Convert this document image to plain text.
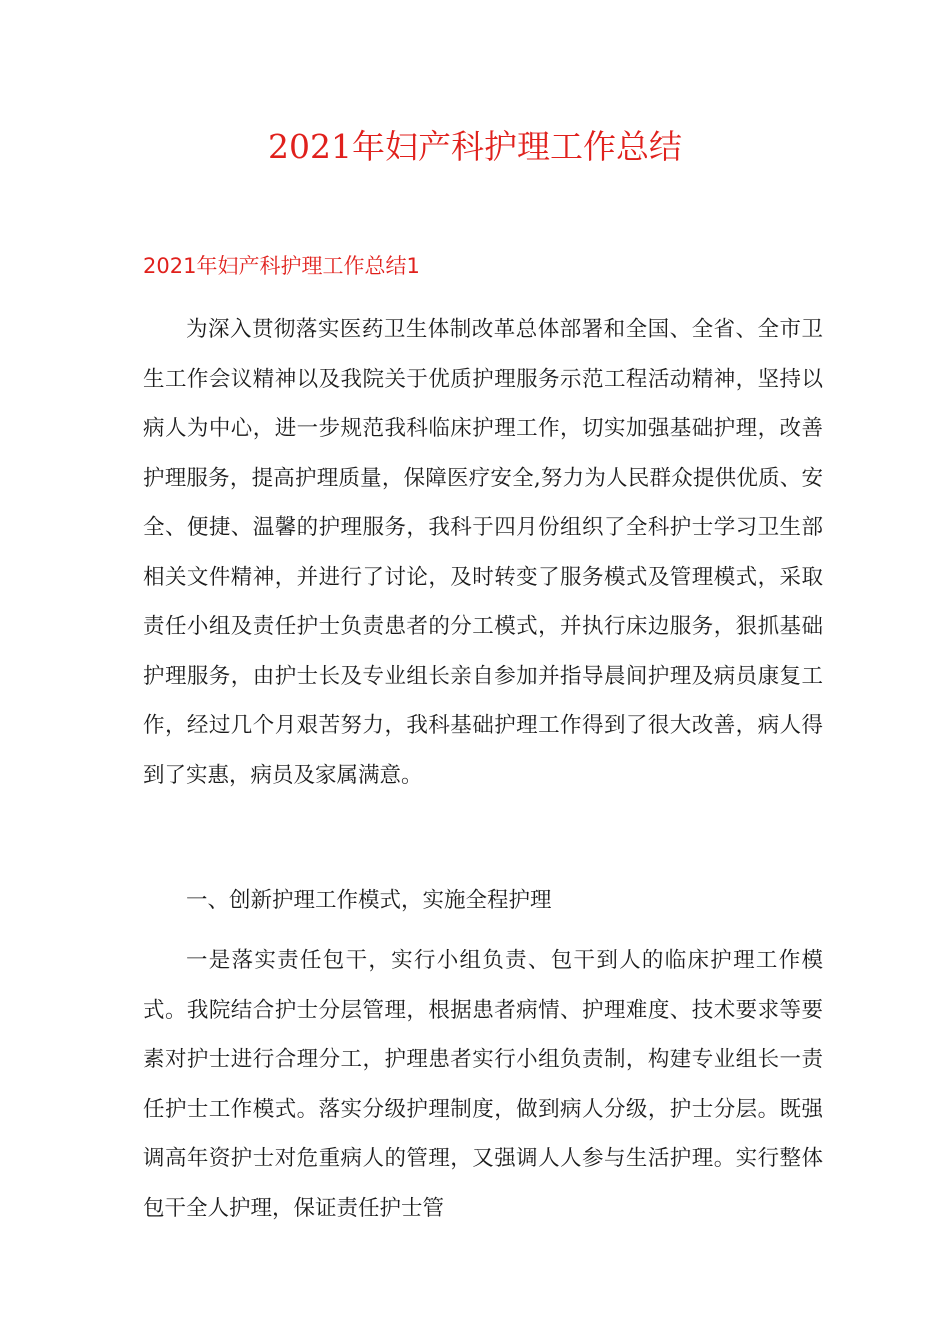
2021年妇产科护理工作总结
2021年妇产科护理工作总结1

为深入贯彻落实医药卫生体制改革总体部署和全国、全省、全市卫生工作会议精神以及我院关于优质护理服务示范工程活动精神，坚持以病人为中心，进一步规范我科临床护理工作，切实加强基础护理，改善护理服务，提高护理质量，保障医疗安全,努力为人民群众提供优质、安全、便捷、温馨的护理服务，我科于四月份组织了全科护士学习卫生部相关文件精神，并进行了讨论，及时转变了服务模式及管理模式，采取责任小组及责任护士负责患者的分工模式，并执行床边服务，狠抓基础护理服务，由护士长及专业组长亲自参加并指导晨间护理及病员康复工作，经过几个月艰苦努力，我科基础护理工作得到了很大改善，病人得到了实惠，病员及家属满意。

一、创新护理工作模式，实施全程护理

一是落实责任包干，实行小组负责、包干到人的临床护理工作模式。我院结合护士分层管理，根据患者病情、护理难度、技术要求等要素对护士进行合理分工，护理患者实行小组负责制，构建专业组长一责任护士工作模式。落实分级护理制度，做到病人分级，护士分层。既强调高年资护士对危重病人的管理，又强调人人参与生活护理。实行整体包干全人护理，保证责任护士管
